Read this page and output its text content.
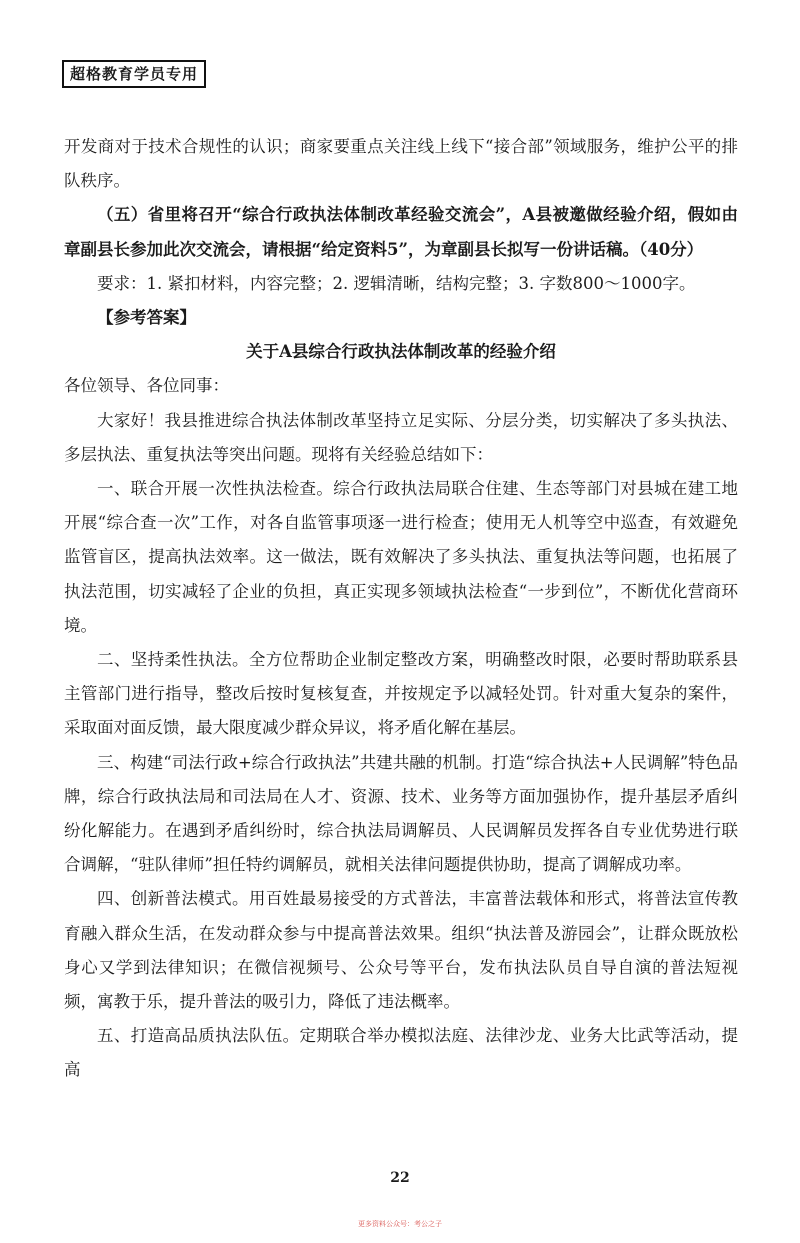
超格教育学员专用

开发商对于技术合规性的认识；商家要重点关注线上线下“接合部”领域服务，维护公平的排队秩序。

（五）省里将召开“综合行政执法体制改革经验交流会”，A县被邀做经验介绍，假如由章副县长参加此次交流会，请根据“给定资料5”，为章副县长拟写一份讲话稿。（40分）

要求：1. 紧扣材料，内容完整；2. 逻辑清晰，结构完整；3. 字数800～1000字。

【参考答案】

关于A县综合行政执法体制改革的经验介绍

各位领导、各位同事：

大家好！我县推进综合执法体制改革坚持立足实际、分层分类，切实解决了多头执法、多层执法、重复执法等突出问题。现将有关经验总结如下：

一、联合开展一次性执法检查。综合行政执法局联合住建、生态等部门对县城在建工地开展“综合查一次”工作，对各自监管事项逐一进行检查；使用无人机等空中巡查，有效避免监管盲区，提高执法效率。这一做法，既有效解决了多头执法、重复执法等问题，也拓展了执法范围，切实减轻了企业的负担，真正实现多领域执法检查“一步到位”，不断优化营商环境。

二、坚持柔性执法。全方位帮助企业制定整改方案，明确整改时限，必要时帮助联系县主管部门进行指导，整改后按时复核复查，并按规定予以减轻处罚。针对重大复杂的案件，采取面对面反馈，最大限度减少群众异议，将矛盾化解在基层。

三、构建“司法行政+综合行政执法”共建共融的机制。打造“综合执法+人民调解”特色品牌，综合行政执法局和司法局在人才、资源、技术、业务等方面加强协作，提升基层矛盾纠纷化解能力。在遇到矛盾纠纷时，综合执法局调解员、人民调解员发挥各自专业优势进行联合调解，“驻队律师”担任特约调解员，就相关法律问题提供协助，提高了调解成功率。

四、创新普法模式。用百姓最易接受的方式普法，丰富普法载体和形式，将普法宣传教育融入群众生活，在发动群众参与中提高普法效果。组织“执法普及游园会”，让群众既放松身心又学到法律知识；在微信视频号、公众号等平台，发布执法队员自导自演的普法短视频，寓教于乐，提升普法的吸引力，降低了违法概率。

五、打造高品质执法队伍。定期联合举办模拟法庭、法律沙龙、业务大比武等活动，提高

22
更多资料公众号：考公之子
